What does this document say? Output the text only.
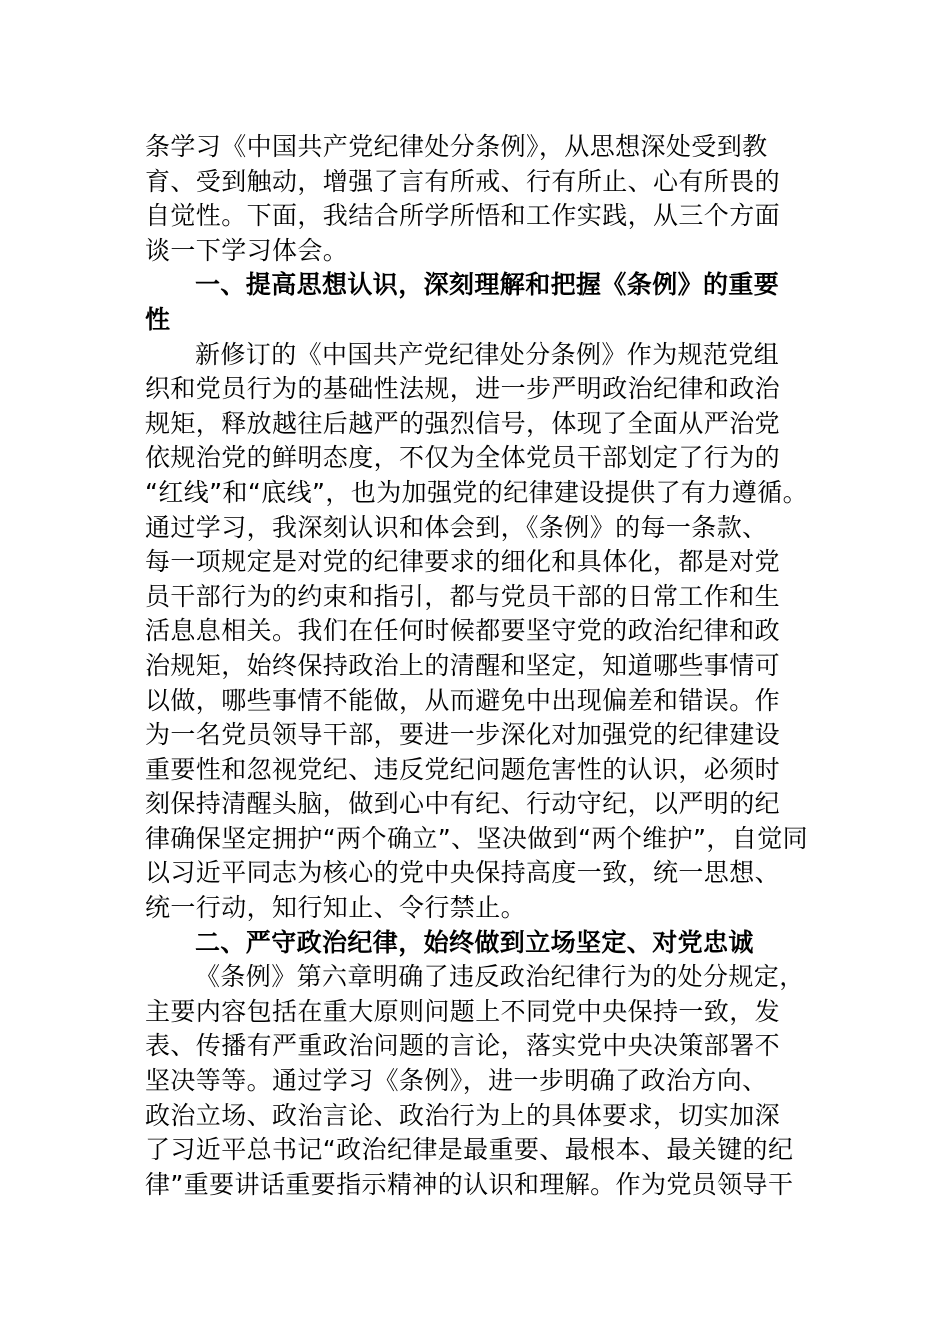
条学习《中国共产党纪律处分条例》，从思想深处受到教
育、受到触动，增强了言有所戒、行有所止、心有所畏的
自觉性。下面，我结合所学所悟和工作实践，从三个方面
谈一下学习体会。
一、提高思想认识，深刻理解和把握《条例》的重要
性
新修订的《中国共产党纪律处分条例》作为规范党组
织和党员行为的基础性法规，进一步严明政治纪律和政治
规矩，释放越往后越严的强烈信号，体现了全面从严治党
依规治党的鲜明态度，不仅为全体党员干部划定了行为的
“红线”和“底线”，也为加强党的纪律建设提供了有力遵循。
通过学习，我深刻认识和体会到，《条例》的每一条款、
每一项规定是对党的纪律要求的细化和具体化，都是对党
员干部行为的约束和指引，都与党员干部的日常工作和生
活息息相关。我们在任何时候都要坚守党的政治纪律和政
治规矩，始终保持政治上的清醒和坚定，知道哪些事情可
以做，哪些事情不能做，从而避免中出现偏差和错误。作
为一名党员领导干部，要进一步深化对加强党的纪律建设
重要性和忽视党纪、违反党纪问题危害性的认识，必须时
刻保持清醒头脑，做到心中有纪、行动守纪，以严明的纪
律确保坚定拥护“两个确立”、坚决做到“两个维护”，自觉同
以习近平同志为核心的党中央保持高度一致，统一思想、
统一行动，知行知止、令行禁止。
二、严守政治纪律，始终做到立场坚定、对党忠诚
《条例》第六章明确了违反政治纪律行为的处分规定，
主要内容包括在重大原则问题上不同党中央保持一致，发
表、传播有严重政治问题的言论，落实党中央决策部署不
坚决等等。通过学习《条例》，进一步明确了政治方向、
政治立场、政治言论、政治行为上的具体要求，切实加深
了习近平总书记“政治纪律是最重要、最根本、最关键的纪
律”重要讲话重要指示精神的认识和理解。作为党员领导干
